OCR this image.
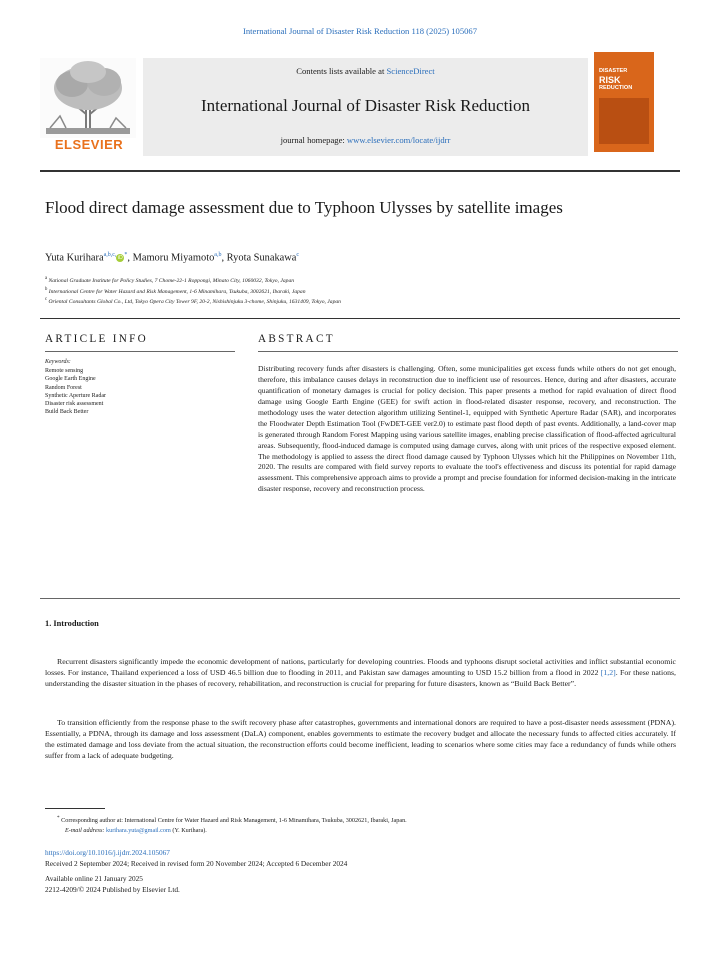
International Journal of Disaster Risk Reduction 118 (2025) 105067
ELSEVIER
Contents lists available at ScienceDirect
International Journal of Disaster Risk Reduction
journal homepage: www.elsevier.com/locate/ijdrr
DISASTER
RISK
REDUCTION
Flood direct damage assessment due to Typhoon Ulysses by satellite images
Yuta Kurihara$^{a,b,c,}$iD*, Mamoru Miyamoto$^{a,b}$, Ryota Sunakawa$^c$
$^a$ National Graduate Institute for Policy Studies, 7 Chome-22-1 Roppongi, Minato City, 1060032, Tokyo, Japan
$^b$ International Centre for Water Hazard and Risk Management, 1-6 Minamihara, Tsukuba, 3002621, Ibaraki, Japan
$^c$ Oriental Consultants Global Co., Ltd, Tokyo Opera City Tower 9F, 20-2, Nishishinjuku 3-chome, Shinjuku, 1631409, Tokyo, Japan
ARTICLE INFO
Keywords:
Remote sensing
Google Earth Engine
Random Forest
Synthetic Aperture Radar
Disaster risk assessment
Build Back Better
ABSTRACT
Distributing recovery funds after disasters is challenging. Often, some municipalities get excess funds while others do not get enough, therefore, this imbalance causes delays in reconstruction due to inefficient use of resources. Hence, during and after disasters, accurate quantification of monetary damages is crucial for policy decision. This paper presents a method for rapid evaluation of direct flood damage using Google Earth Engine (GEE) for swift action in flood-related disaster response, recovery, and reconstruction. The methodology uses the water detection algorithm utilizing Sentinel-1, equipped with Synthetic Aperture Radar (SAR), and incorporates the Floodwater Depth Estimation Tool (FwDET-GEE ver2.0) to estimate past flood depth of past events. Additionally, a land-cover map is generated through Random Forest Mapping using various satellite images, enabling precise classification of flood-affected agricultural areas. Subsequently, flood-induced damage is computed using damage curves, along with unit prices of the respective exposed element. The methodology is applied to assess the direct flood damage caused by Typhoon Ulysses which hit the Philippines on November 11th, 2020. The results are compared with field survey reports to evaluate the tool's effectiveness and discuss its potential for rapid damage assessment. This comprehensive approach aims to provide a prompt and precise foundation for informed decision-making in the intricate disaster response, recovery and reconstruction process.
1. Introduction

Recurrent disasters significantly impede the economic development of nations, particularly for developing countries. Floods and typhoons disrupt societal activities and inflict substantial economic losses. For instance, Thailand experienced a loss of USD 46.5 billion due to flooding in 2011, and Pakistan saw damages amounting to USD 15.2 billion from a flood in 2022 [1,2]. For these nations, understanding the disaster situation in the phases of recovery, rehabilitation, and reconstruction is crucial for preparing for future disasters, known as “Build Back Better”.

To transition efficiently from the response phase to the swift recovery phase after catastrophes, governments and international donors are required to have a post-disaster needs assessment (PDNA). Essentially, a PDNA, through its damage and loss assessment (DaLA) component, enables governments to estimate the recovery budget and allocate the necessary funds to affected cities accurately. If the estimated damage and loss deviate from the actual situation, the reconstruction efforts could become inefficient, leading to scenarios where some cities may face a redundancy of funds while others suffer from a lack of adequate budgeting.

* Corresponding author at: International Centre for Water Hazard and Risk Management, 1-6 Minamihara, Tsukuba, 3002621, Ibaraki, Japan.
E-mail address: kurihara.yuta@gmail.com (Y. Kurihara).
https://doi.org/10.1016/j.ijdrr.2024.105067
Received 2 September 2024; Received in revised form 20 November 2024; Accepted 6 December 2024
Available online 21 January 2025
2212-4209/© 2024 Published by Elsevier Ltd.
